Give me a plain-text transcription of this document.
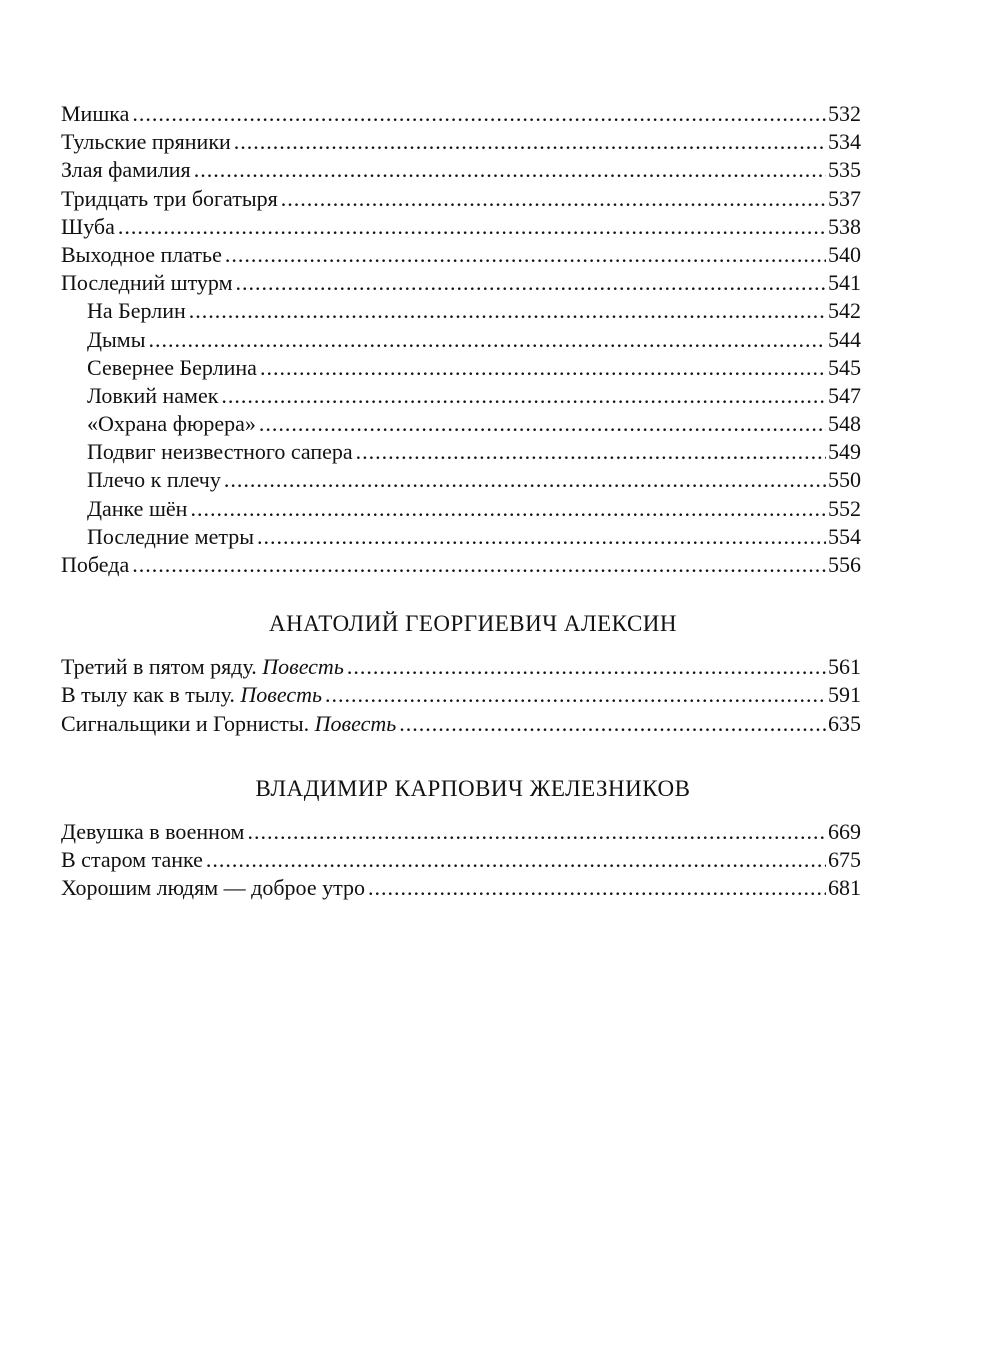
Мишка .....	532
Тульские пряники .....	534
Злая фамилия .....	535
Тридцать три богатыря .....	537
Шуба .....	538
Выходное платье .....	540
Последний штурм .....	541
На Берлин .....	542
Дымы .....	544
Севернее Берлина .....	545
Ловкий намек .....	547
«Охрана фюрера» .....	548
Подвиг неизвестного сапера .....	549
Плечо к плечу .....	550
Данке шён .....	552
Последние метры .....	554
Победа .....	556
АНАТОЛИЙ ГЕОРГИЕВИЧ АЛЕКСИН
Третий в пятом ряду. Повесть .....	561
В тылу как в тылу. Повесть .....	591
Сигнальщики и Горнисты. Повесть .....	635
ВЛАДИМИР КАРПОВИЧ ЖЕЛЕЗНИКОВ
Девушка в военном .....	669
В старом танке .....	675
Хорошим людям — доброе утро .....	681
